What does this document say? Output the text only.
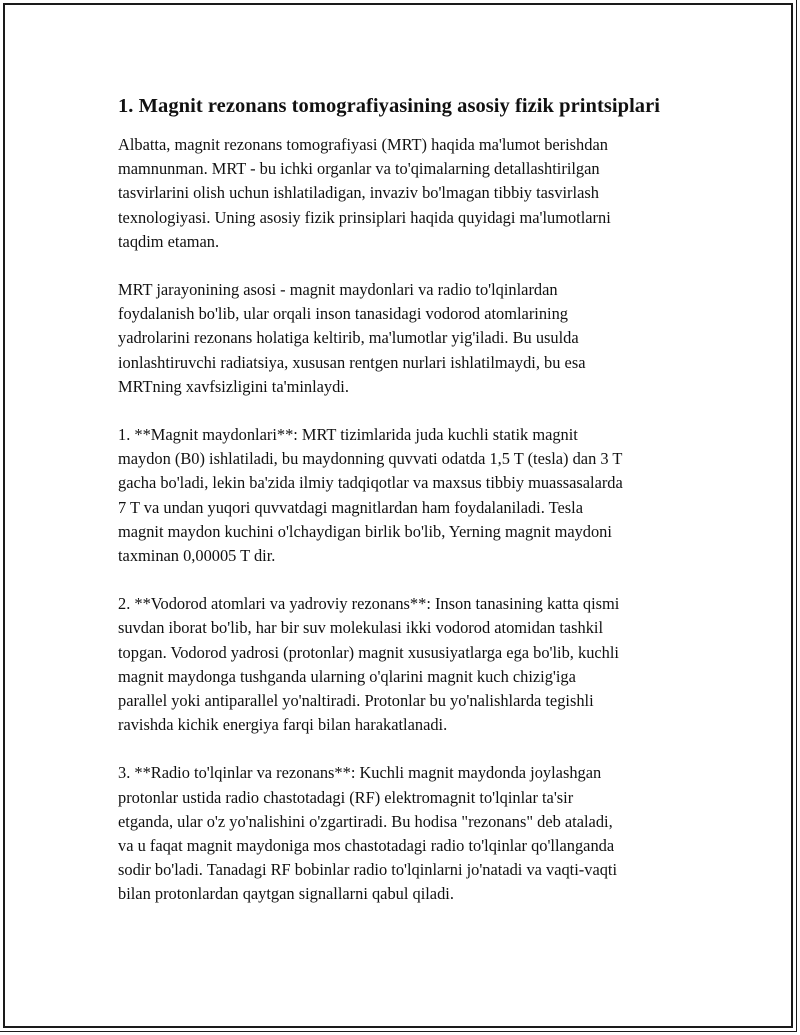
1. Magnit rezonans tomografiyasining asosiy fizik printsiplari

Albatta, magnit rezonans tomografiyasi (MRT) haqida ma'lumot berishdan
mamnunman. MRT - bu ichki organlar va to'qimalarning detallashtirilgan
tasvirlarini olish uchun ishlatiladigan, invaziv bo'lmagan tibbiy tasvirlash
texnologiyasi. Uning asosiy fizik prinsiplari haqida quyidagi ma'lumotlarni
taqdim etaman.

MRT jarayonining asosi - magnit maydonlari va radio to'lqinlardan
foydalanish bo'lib, ular orqali inson tanasidagi vodorod atomlarining
yadrolarini rezonans holatiga keltirib, ma'lumotlar yig'iladi. Bu usulda
ionlashtiruvchi radiatsiya, xususan rentgen nurlari ishlatilmaydi, bu esa
MRTning xavfsizligini ta'minlaydi.

1. **Magnit maydonlari**: MRT tizimlarida juda kuchli statik magnit
maydon (B0) ishlatiladi, bu maydonning quvvati odatda 1,5 T (tesla) dan 3 T
gacha bo'ladi, lekin ba'zida ilmiy tadqiqotlar va maxsus tibbiy muassasalarda
7 T va undan yuqori quvvatdagi magnitlardan ham foydalaniladi. Tesla
magnit maydon kuchini o'lchaydigan birlik bo'lib, Yerning magnit maydoni
taxminan 0,00005 T dir.

2. **Vodorod atomlari va yadroviy rezonans**: Inson tanasining katta qismi
suvdan iborat bo'lib, har bir suv molekulasi ikki vodorod atomidan tashkil
topgan. Vodorod yadrosi (protonlar) magnit xususiyatlarga ega bo'lib, kuchli
magnit maydonga tushganda ularning o'qlarini magnit kuch chizig'iga
parallel yoki antiparallel yo'naltiradi. Protonlar bu yo'nalishlarda tegishli
ravishda kichik energiya farqi bilan harakatlanadi.

3. **Radio to'lqinlar va rezonans**: Kuchli magnit maydonda joylashgan
protonlar ustida radio chastotadagi (RF) elektromagnit to'lqinlar ta'sir
etganda, ular o'z yo'nalishini o'zgartiradi. Bu hodisa "rezonans" deb ataladi,
va u faqat magnit maydoniga mos chastotadagi radio to'lqinlar qo'llanganda
sodir bo'ladi. Tanadagi RF bobinlar radio to'lqinlarni jo'natadi va vaqti-vaqti
bilan protonlardan qaytgan signallarni qabul qiladi.
